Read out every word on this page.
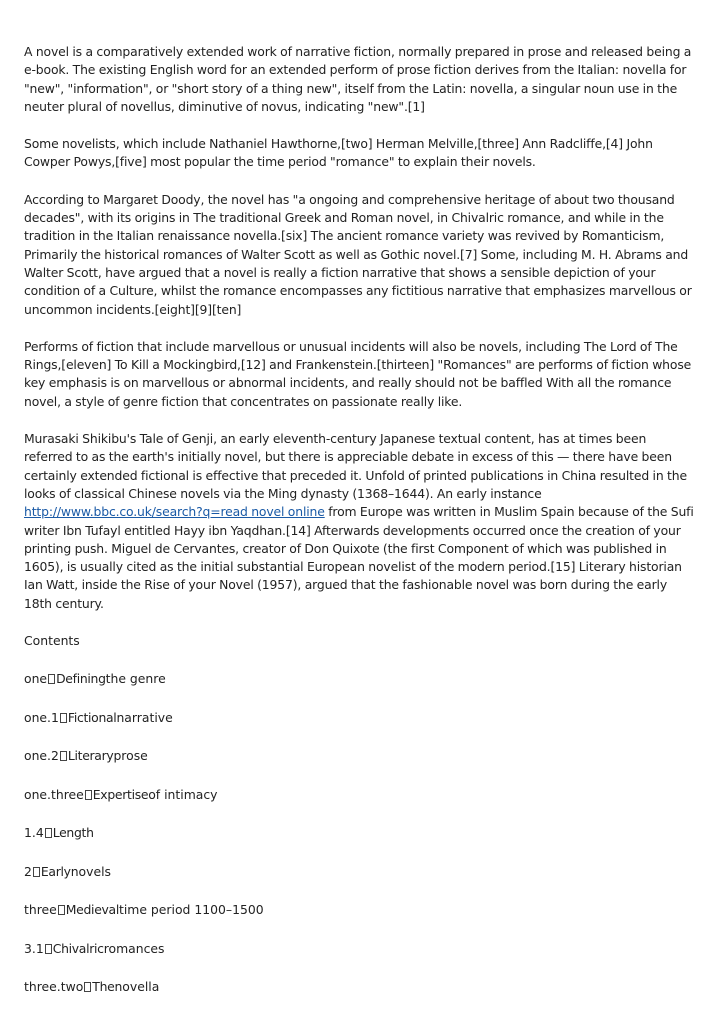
A novel is a comparatively extended work of narrative fiction, normally prepared in prose and released being a e-book. The existing English word for an extended perform of prose fiction derives from the Italian: novella for "new", "information", or "short story of a thing new", itself from the Latin: novella, a singular noun use in the neuter plural of novellus, diminutive of novus, indicating "new".[1]

Some novelists, which include Nathaniel Hawthorne,[two] Herman Melville,[three] Ann Radcliffe,[4] John Cowper Powys,[five] most popular the time period "romance" to explain their novels.

According to Margaret Doody, the novel has "a ongoing and comprehensive heritage of about two thousand decades", with its origins in The traditional Greek and Roman novel, in Chivalric romance, and while in the tradition in the Italian renaissance novella.[six] The ancient romance variety was revived by Romanticism, Primarily the historical romances of Walter Scott as well as Gothic novel.[7] Some, including M. H. Abrams and Walter Scott, have argued that a novel is really a fiction narrative that shows a sensible depiction of your condition of a Culture, whilst the romance encompasses any fictitious narrative that emphasizes marvellous or uncommon incidents.[eight][9][ten]

Performs of fiction that include marvellous or unusual incidents will also be novels, including The Lord of The Rings,[eleven] To Kill a Mockingbird,[12] and Frankenstein.[thirteen] "Romances" are performs of fiction whose key emphasis is on marvellous or abnormal incidents, and really should not be baffled With all the romance novel, a style of genre fiction that concentrates on passionate really like.

Murasaki Shikibu's Tale of Genji, an early eleventh-century Japanese textual content, has at times been referred to as the earth's initially novel, but there is appreciable debate in excess of this — there have been certainly extended fictional is effective that preceded it. Unfold of printed publications in China resulted in the looks of classical Chinese novels via the Ming dynasty (1368–1644). An early instance http://www.bbc.co.uk/search?q=read novel online from Europe was written in Muslim Spain because of the Sufi writer Ibn Tufayl entitled Hayy ibn Yaqdhan.[14] Afterwards developments occurred once the creation of your printing push. Miguel de Cervantes, creator of Don Quixote (the first Component of which was published in 1605), is usually cited as the initial substantial European novelist of the modern period.[15] Literary historian Ian Watt, inside the Rise of your Novel (1957), argued that the fashionable novel was born during the early 18th century.

Contents
one Definingthe genre
one.1 Fictionalnarrative
one.2 Literaryprose
one.three Expertiseof intimacy
1.4 Length
2 Earlynovels
three Medievaltime period 1100–1500
3.1 Chivalricromances
three.two Thenovella
